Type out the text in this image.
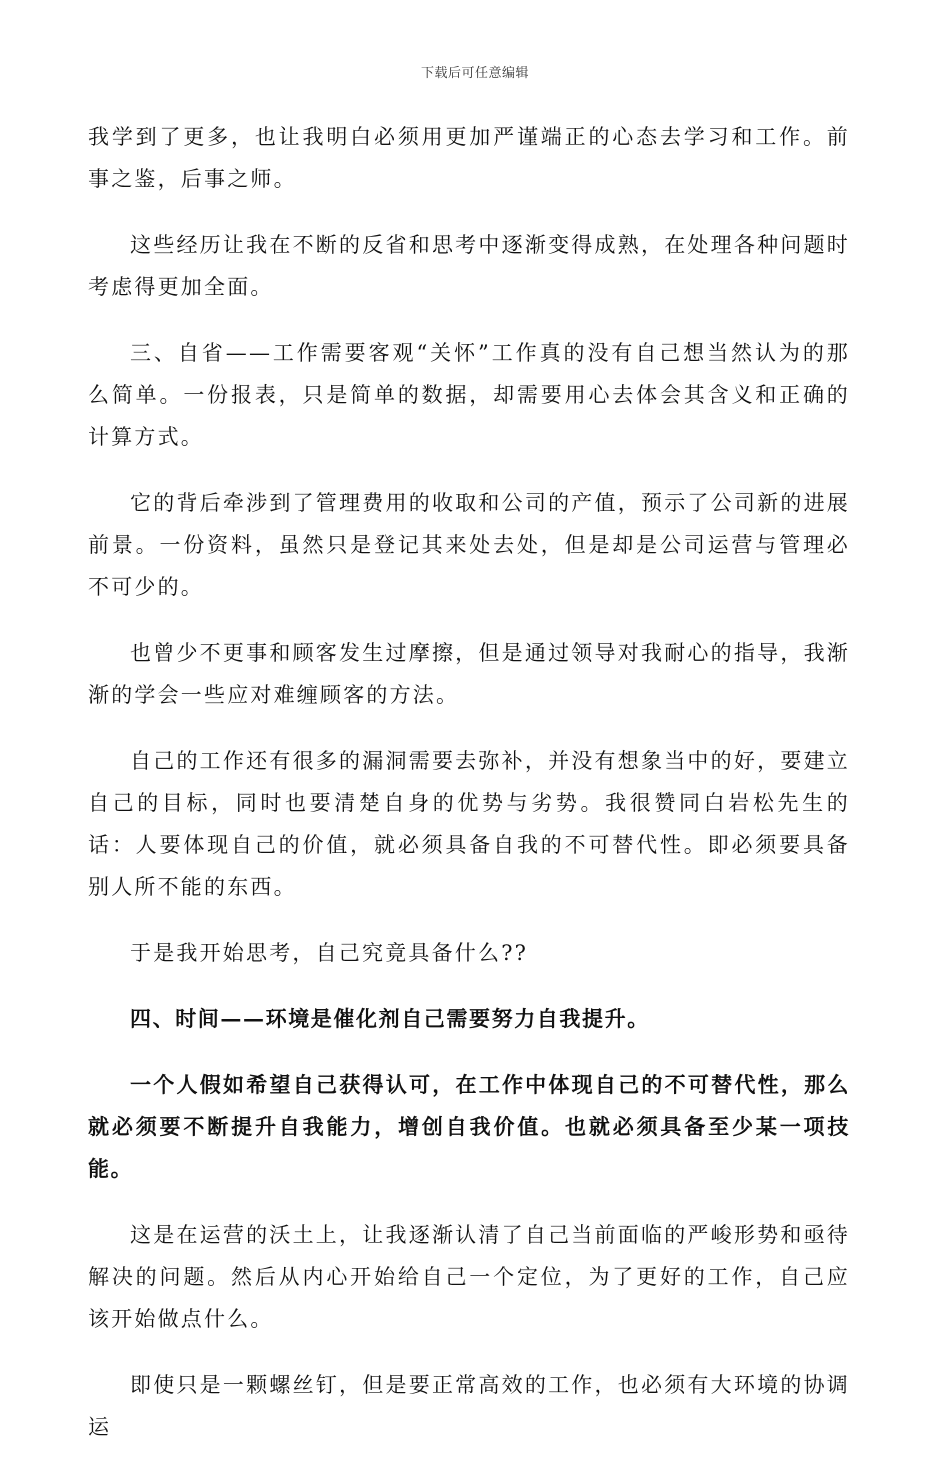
下载后可任意编辑

我学到了更多，也让我明白必须用更加严谨端正的心态去学习和工作。前事之鉴，后事之师。

这些经历让我在不断的反省和思考中逐渐变得成熟，在处理各种问题时考虑得更加全面。

三、自省——工作需要客观“关怀”工作真的没有自己想当然认为的那么简单。一份报表，只是简单的数据，却需要用心去体会其含义和正确的计算方式。

它的背后牵涉到了管理费用的收取和公司的产值，预示了公司新的进展前景。一份资料，虽然只是登记其来处去处，但是却是公司运营与管理必不可少的。

也曾少不更事和顾客发生过摩擦，但是通过领导对我耐心的指导，我渐渐的学会一些应对难缠顾客的方法。

自己的工作还有很多的漏洞需要去弥补，并没有想象当中的好，要建立自己的目标，同时也要清楚自身的优势与劣势。我很赞同白岩松先生的话：人要体现自己的价值，就必须具备自我的不可替代性。即必须要具备别人所不能的东西。

于是我开始思考，自己究竟具备什么??

四、时间——环境是催化剂自己需要努力自我提升。

一个人假如希望自己获得认可，在工作中体现自己的不可替代性，那么就必须要不断提升自我能力，增创自我价值。也就必须具备至少某一项技能。

这是在运营的沃土上，让我逐渐认清了自己当前面临的严峻形势和亟待解决的问题。然后从内心开始给自己一个定位，为了更好的工作，自己应该开始做点什么。

即使只是一颗螺丝钉，但是要正常高效的工作，也必须有大环境的协调运
